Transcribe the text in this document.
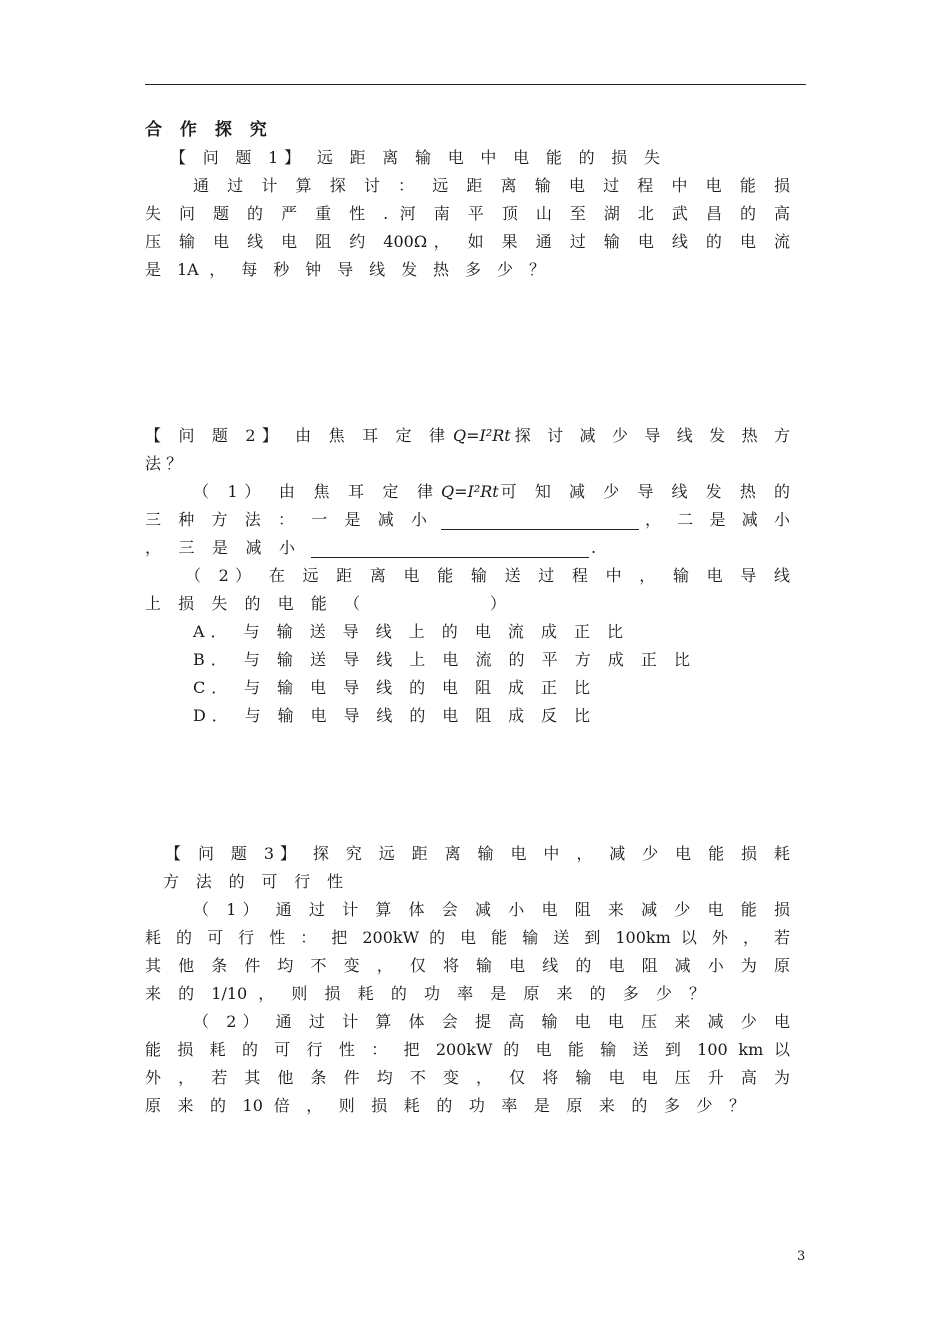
合 作 探 究
【 问 题 1】 远 距 离 输 电 中 电 能 的 损 失
通 过 计 算 探 讨 ： 远 距 离 输 电 过 程 中 电 能 损
失 问 题 的 严 重 性 . 河 南 平 顶 山 至 湖 北 武 昌 的 高
压 输 电 线 电 阻 约 400Ω， 如 果 通 过 输 电 线 的 电 流
是 1A ， 每 秒 钟 导 线 发 热 多 少 ？
【 问 题 2】 由 焦 耳 定 律 Q=I²Rt 探 讨 减 少 导 线 发 热 方
法 ？
（ 1） 由 焦 耳 定 律 Q=I²Rt 可 知 减 少 导 线 发 热 的
三 种 方 法 ： 一 是 减 小	， 二 是 减 小
， 三 是 减 小	.
（ 2） 在 远 距 离 电 能 输 送 过 程 中 ， 输 电 导 线
上 损 失 的 电 能 （	）
A． 与 输 送 导 线 上 的 电 流 成 正 比
B． 与 输 送 导 线 上 电 流 的 平 方 成 正 比
C． 与 输 电 导 线 的 电 阻 成 正 比
D． 与 输 电 导 线 的 电 阻 成 反 比
【 问 题 3】 探 究 远 距 离 输 电 中 ， 减 少 电 能 损 耗
方 法 的 可 行 性
（ 1） 通 过 计 算 体 会 减 小 电 阻 来 减 少 电 能 损
耗 的 可 行 性 ： 把 200kW 的 电 能 输 送 到 100km 以 外 ， 若
其 他 条 件 均 不 变 ， 仅 将 输 电 线 的 电 阻 减 小 为 原
来 的 1/10 ， 则 损 耗 的 功 率 是 原 来 的 多 少 ？
（ 2） 通 过 计 算 体 会 提 高 输 电 电 压 来 减 少 电
能 损 耗 的 可 行 性 ： 把 200kW 的 电 能 输 送 到 100 km 以
外 ， 若 其 他 条 件 均 不 变 ， 仅 将 输 电 电 压 升 高 为
原 来 的 10 倍 ， 则 损 耗 的 功 率 是 原 来 的 多 少 ？
3
